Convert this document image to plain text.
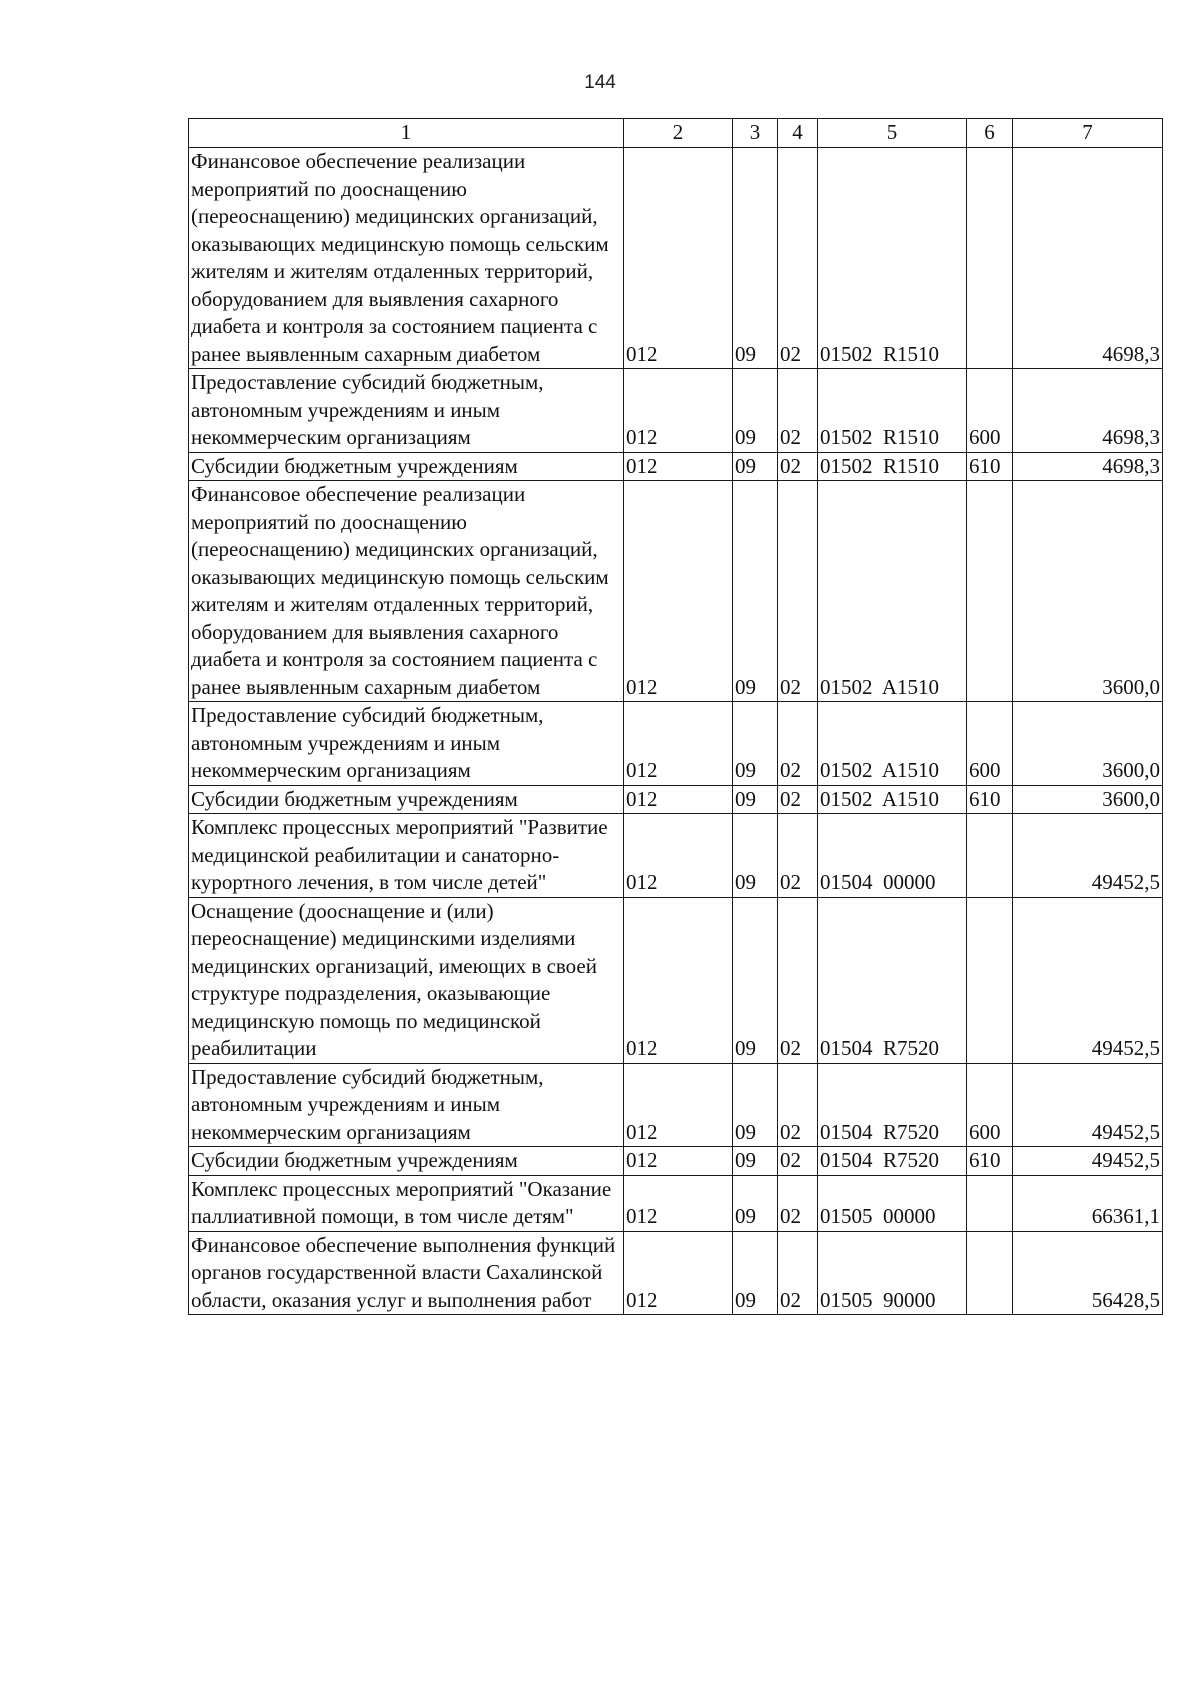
144
1	2	3	4	5	6	7
Финансовое обеспечение реализации мероприятий по дооснащению (переоснащению) медицинских организаций, оказывающих медицинскую помощь сельским жителям и жителям отдаленных территорий, оборудованием для выявления сахарного диабета и контроля за состоянием пациента с ранее выявленным сахарным диабетом	012	09	02	01502  R1510		4698,3
Предоставление субсидий бюджетным, автономным учреждениям и иным некоммерческим организациям	012	09	02	01502  R1510	600	4698,3
Субсидии бюджетным учреждениям	012	09	02	01502  R1510	610	4698,3
Финансовое обеспечение реализации мероприятий по дооснащению (переоснащению) медицинских организаций, оказывающих медицинскую помощь сельским жителям и жителям отдаленных территорий, оборудованием для выявления сахарного диабета и контроля за состоянием пациента с ранее выявленным сахарным диабетом	012	09	02	01502  A1510		3600,0
Предоставление субсидий бюджетным, автономным учреждениям и иным некоммерческим организациям	012	09	02	01502  A1510	600	3600,0
Субсидии бюджетным учреждениям	012	09	02	01502  A1510	610	3600,0
Комплекс процессных мероприятий "Развитие медицинской реабилитации и санаторно-курортного лечения, в том числе детей"	012	09	02	01504  00000		49452,5
Оснащение (дооснащение и (или) переоснащение) медицинскими изделиями медицинских организаций, имеющих в своей структуре подразделения, оказывающие медицинскую помощь по медицинской реабилитации	012	09	02	01504  R7520		49452,5
Предоставление субсидий бюджетным, автономным учреждениям и иным некоммерческим организациям	012	09	02	01504  R7520	600	49452,5
Субсидии бюджетным учреждениям	012	09	02	01504  R7520	610	49452,5
Комплекс процессных мероприятий "Оказание паллиативной помощи, в том числе детям"	012	09	02	01505  00000		66361,1
Финансовое обеспечение выполнения функций органов государственной власти Сахалинской области, оказания услуг и выполнения работ	012	09	02	01505  90000		56428,5
